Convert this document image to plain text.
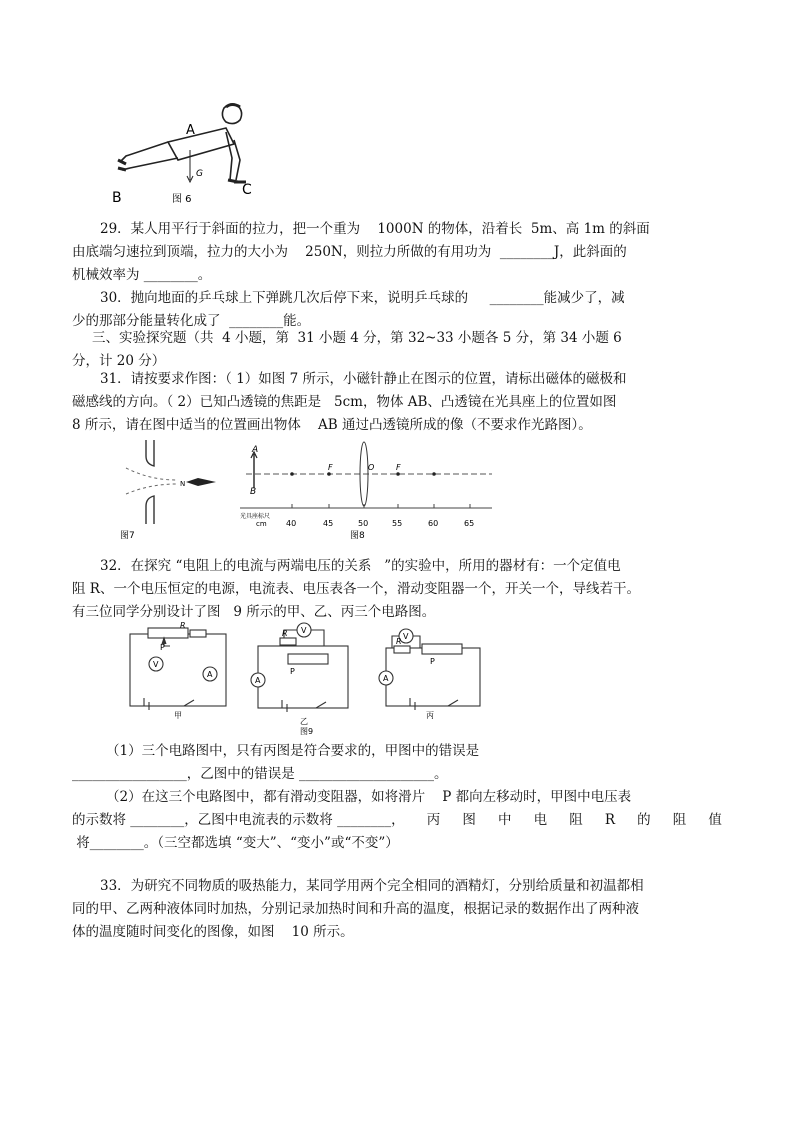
A
B	C
G
图 6

29．某人用平行于斜面的拉力，把一个重为    1000N 的物体，沿着长  5m、高 1m 的斜面
由底端匀速拉到顶端，拉力的大小为    250N，则拉力所做的有用功为  ________J，此斜面的
机械效率为 ________。

30．抛向地面的乒乓球上下弹跳几次后停下来，说明乒乓球的     ________能减少了，减
少的那部分能量转化成了  ________能。

三、实验探究题（共  4 小题，第  31 小题 4 分，第 32~33 小题各 5 分，第 34 小题 6
分，计 20 分）

31．请按要求作图：（ 1）如图 7 所示，小磁针静止在图示的位置，请标出磁体的磁极和
磁感线的方向。（ 2）已知凸透镜的焦距是   5cm，物体 AB、凸透镜在光具座上的位置如图
8 所示，请在图中适当的位置画出物体    AB 通过凸透镜所成的像（不要求作光路图）。

N
图7
A
B
F	O	F
光具座标尺
cm 40	45	50	55	60	65
图8

32．在探究 “电阻上的电流与两端电压的关系   ”的实验中，所用的器材有：一个定值电
阻 R、一个电压恒定的电源，电流表、电压表各一个，滑动变阻器一个，开关一个，导线若干。
有三位同学分别设计了图   9 所示的甲、乙、丙三个电路图。

P
R
V
A
甲
V
R
P
A
乙
V
R
P
A
丙
图9

（1）三个电路图中，只有丙图是符合要求的，甲图中的错误是
_________________，乙图中的错误是 ____________________。
（2）在这三个电路图中，都有滑动变阻器，如将滑片    P 都向左移动时，甲图中电压表
的示数将 ________，乙图中电流表的示数将 ________， 丙 图 中 电 阻 R 的 阻 值
将________。（三空都选填 “变大”、“变小”或“不变”）

33．为研究不同物质的吸热能力，某同学用两个完全相同的酒精灯，分别给质量和初温都相
同的甲、乙两种液体同时加热，分别记录加热时间和升高的温度，根据记录的数据作出了两种液
体的温度随时间变化的图像，如图    10 所示。
